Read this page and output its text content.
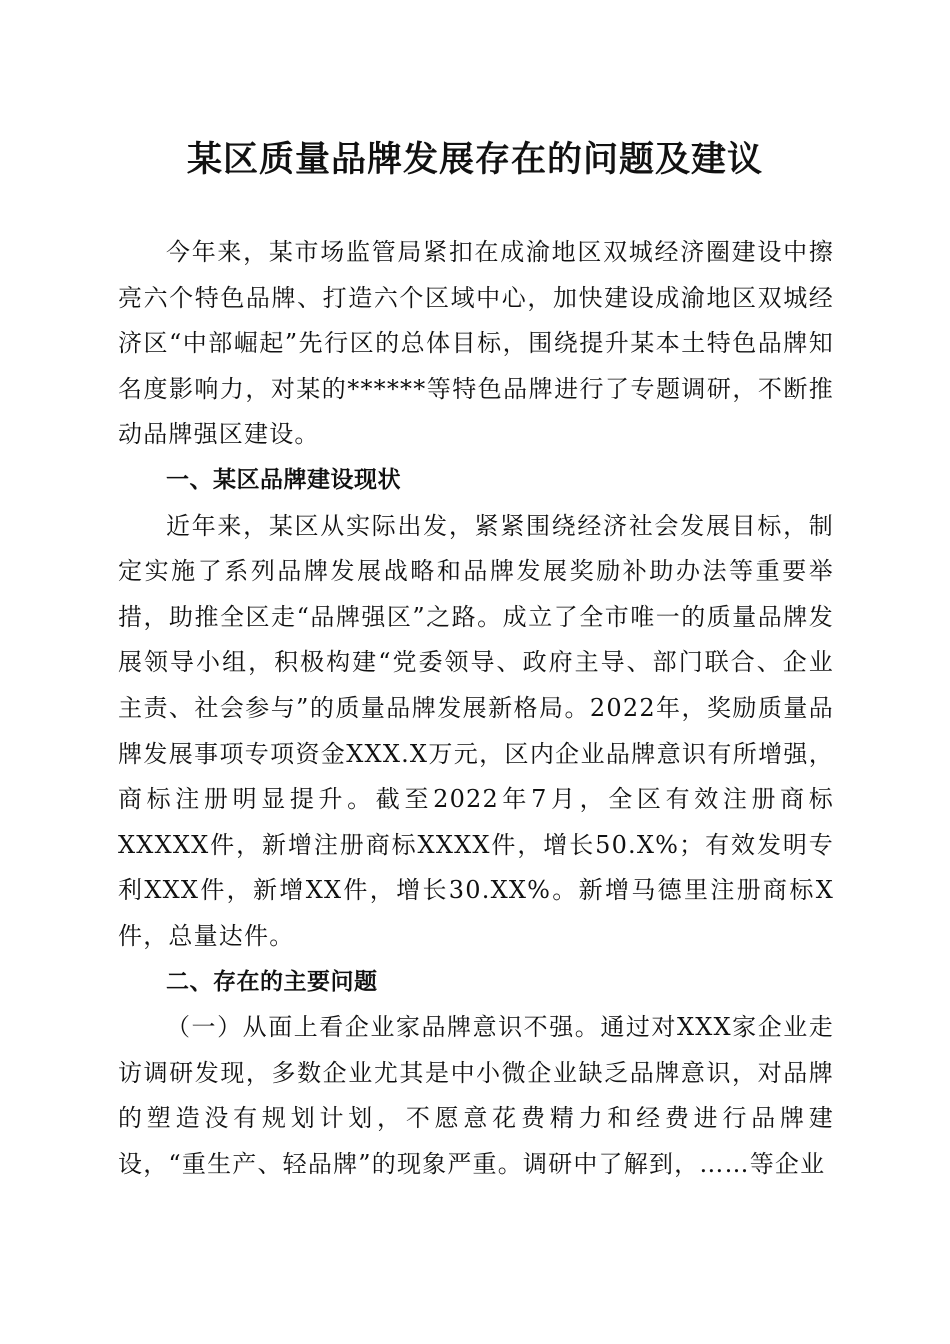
某区质量品牌发展存在的问题及建议

今年来，某市场监管局紧扣在成渝地区双城经济圈建设中擦亮六个特色品牌、打造六个区域中心，加快建设成渝地区双城经济区“中部崛起”先行区的总体目标，围绕提升某本土特色品牌知名度影响力，对某的******等特色品牌进行了专题调研，不断推动品牌强区建设。

一、某区品牌建设现状

近年来，某区从实际出发，紧紧围绕经济社会发展目标，制定实施了系列品牌发展战略和品牌发展奖励补助办法等重要举措，助推全区走“品牌强区”之路。成立了全市唯一的质量品牌发展领导小组，积极构建“党委领导、政府主导、部门联合、企业主责、社会参与”的质量品牌发展新格局。2022年，奖励质量品牌发展事项专项资金XXX.X万元，区内企业品牌意识有所增强，商标注册明显提升。截至2022年7月，全区有效注册商标XXXXX件，新增注册商标XXXX件，增长50.X%；有效发明专利XXX件，新增XX件，增长30.XX%。新增马德里注册商标X件，总量达件。

二、存在的主要问题

（一）从面上看企业家品牌意识不强。通过对XXX家企业走访调研发现，多数企业尤其是中小微企业缺乏品牌意识，对品牌的塑造没有规划计划，不愿意花费精力和经费进行品牌建设，“重生产、轻品牌”的现象严重。调研中了解到，……等企业
